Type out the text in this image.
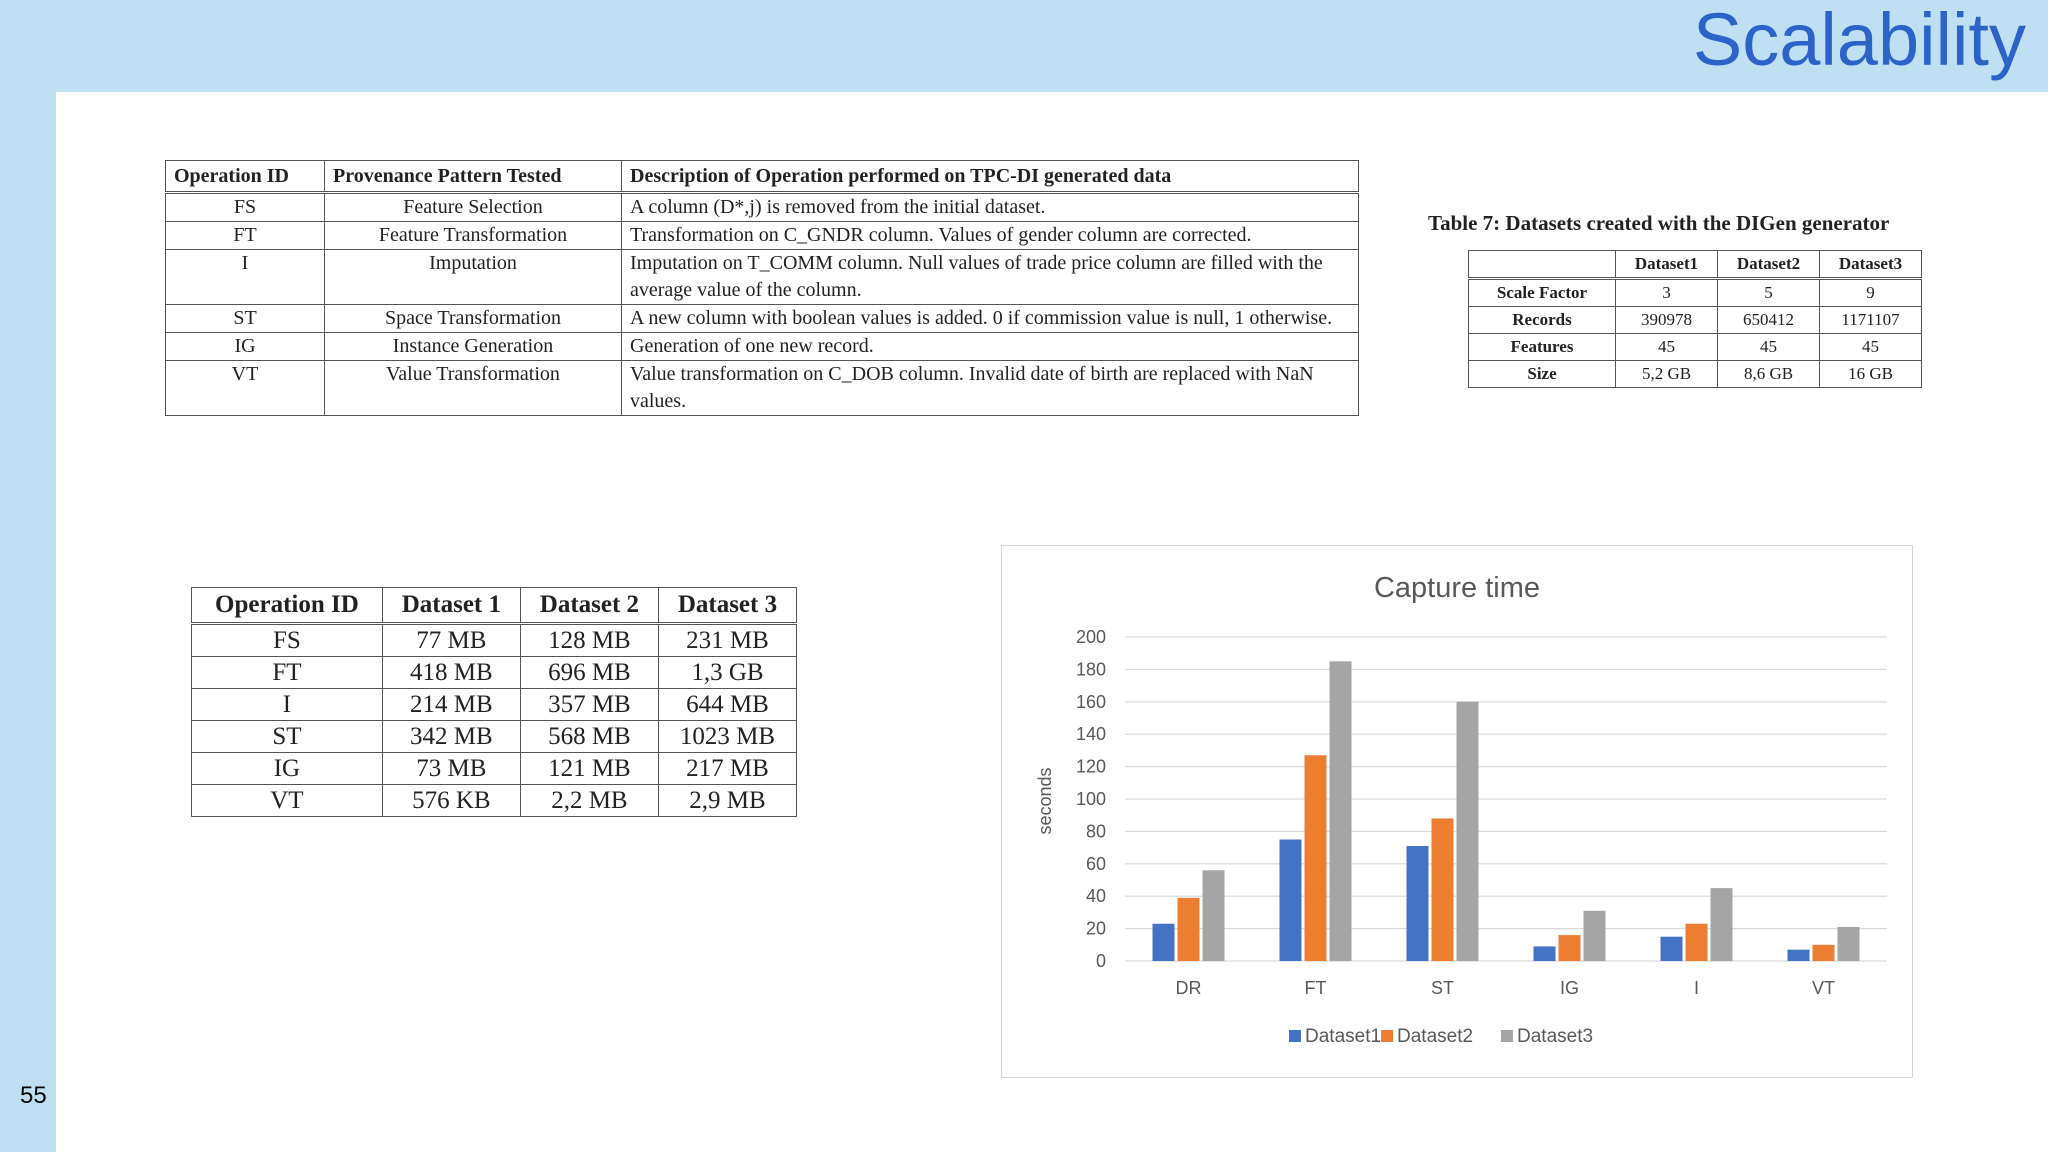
Scalability
55
Operation ID	Provenance Pattern Tested	Description of Operation performed on TPC-DI generated data
FS	Feature Selection	A column (D*,j) is removed from the initial dataset.
FT	Feature Transformation	Transformation on C_GNDR column. Values of gender column are corrected.
I	Imputation	Imputation on T_COMM column. Null values of trade price column are filled with the average value of the column.
ST	Space Transformation	A new column with boolean values is added. 0 if commission value is null, 1 otherwise.
IG	Instance Generation	Generation of one new record.
VT	Value Transformation	Value transformation on C_DOB column. Invalid date of birth are replaced with NaN values.
Table 7: Datasets created with the DIGen generator
	Dataset1	Dataset2	Dataset3
Scale Factor	3	5	9
Records	390978	650412	1171107
Features	45	45	45
Size	5,2 GB	8,6 GB	16 GB
Operation ID	Dataset 1	Dataset 2	Dataset 3
FS	77 MB	128 MB	231 MB
FT	418 MB	696 MB	1,3 GB
I	214 MB	357 MB	644 MB
ST	342 MB	568 MB	1023 MB
IG	73 MB	121 MB	217 MB
VT	576 KB	2,2 MB	2,9 MB
Capture time
seconds
DR	FT	ST	IG	I	VT
0
20
40
60
80
100
120
140
160
180
200
Dataset1 Dataset2 Dataset3
